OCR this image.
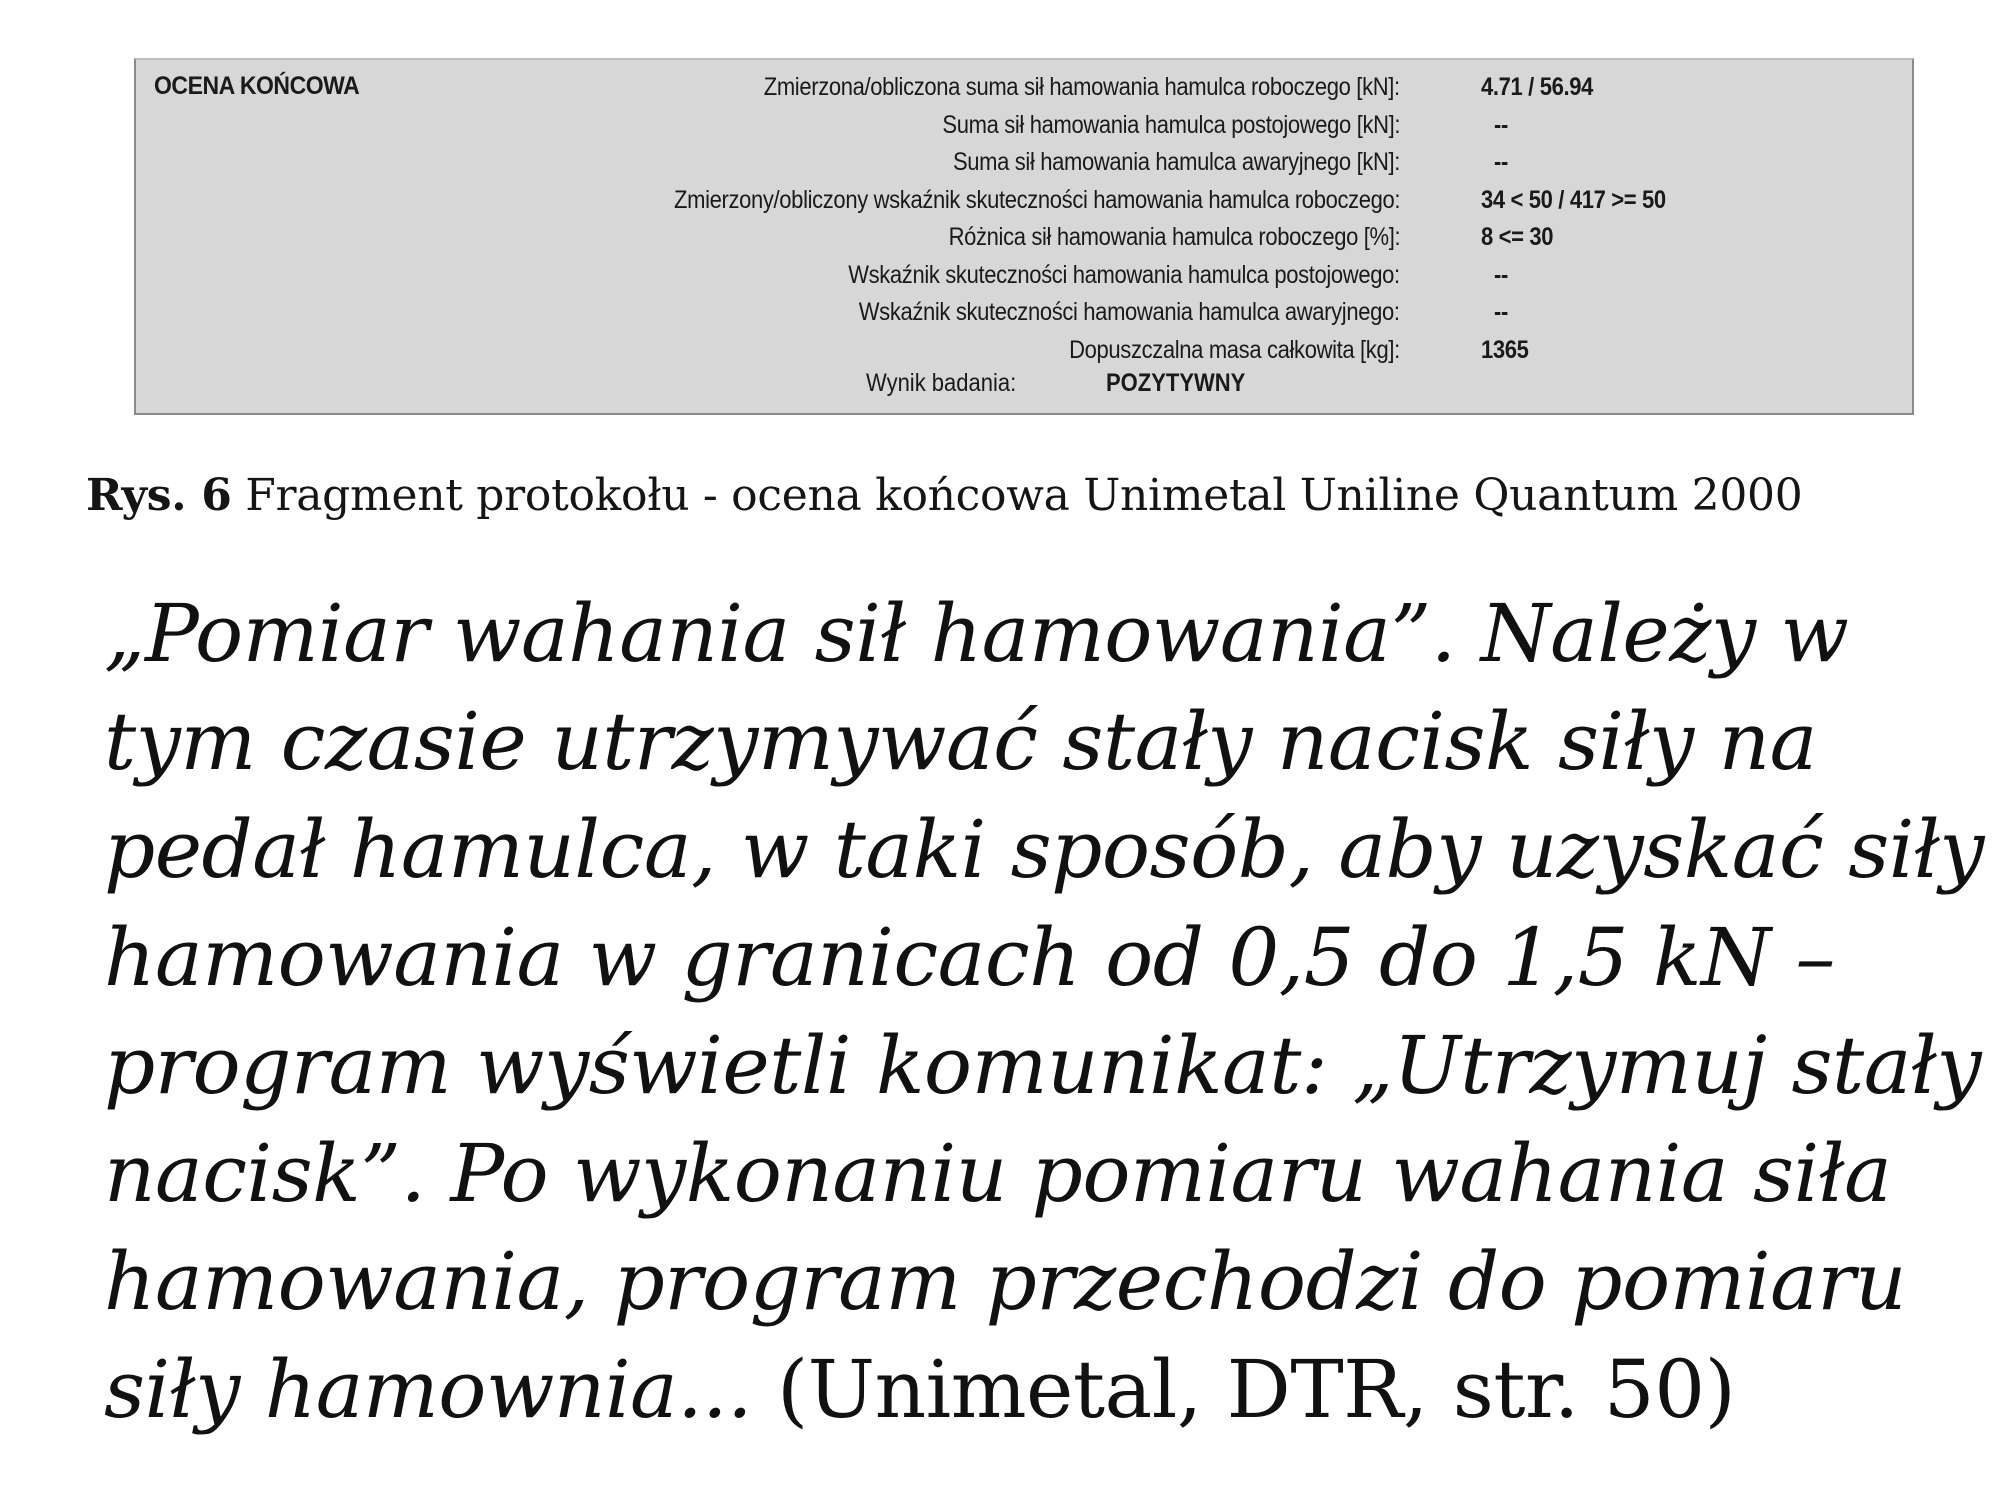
OCENA KOŃCOWA	Zmierzona/obliczona suma sił hamowania hamulca roboczego [kN]:	4.71 / 56.94
Suma sił hamowania hamulca postojowego [kN]:	--
Suma sił hamowania hamulca awaryjnego [kN]:	--
Zmierzony/obliczony wskaźnik skuteczności hamowania hamulca roboczego:	34 < 50 / 417 >= 50
Różnica sił hamowania hamulca roboczego [%]:	8 <= 30
Wskaźnik skuteczności hamowania hamulca postojowego:	--
Wskaźnik skuteczności hamowania hamulca awaryjnego:	--
Dopuszczalna masa całkowita [kg]:	1365
Wynik badania:	POZYTYWNY
Rys. 6 Fragment protokołu - ocena końcowa Unimetal Uniline Quantum 2000
„Pomiar wahania sił hamowania”. Należy w
tym czasie utrzymywać stały nacisk siły na
pedał hamulca, w taki sposób, aby uzyskać siły
hamowania w granicach od 0,5 do 1,5 kN –
program wyświetli komunikat: „Utrzymuj stały
nacisk”. Po wykonaniu pomiaru wahania siła
hamowania, program przechodzi do pomiaru
siły hamownia... (Unimetal, DTR, str. 50)
